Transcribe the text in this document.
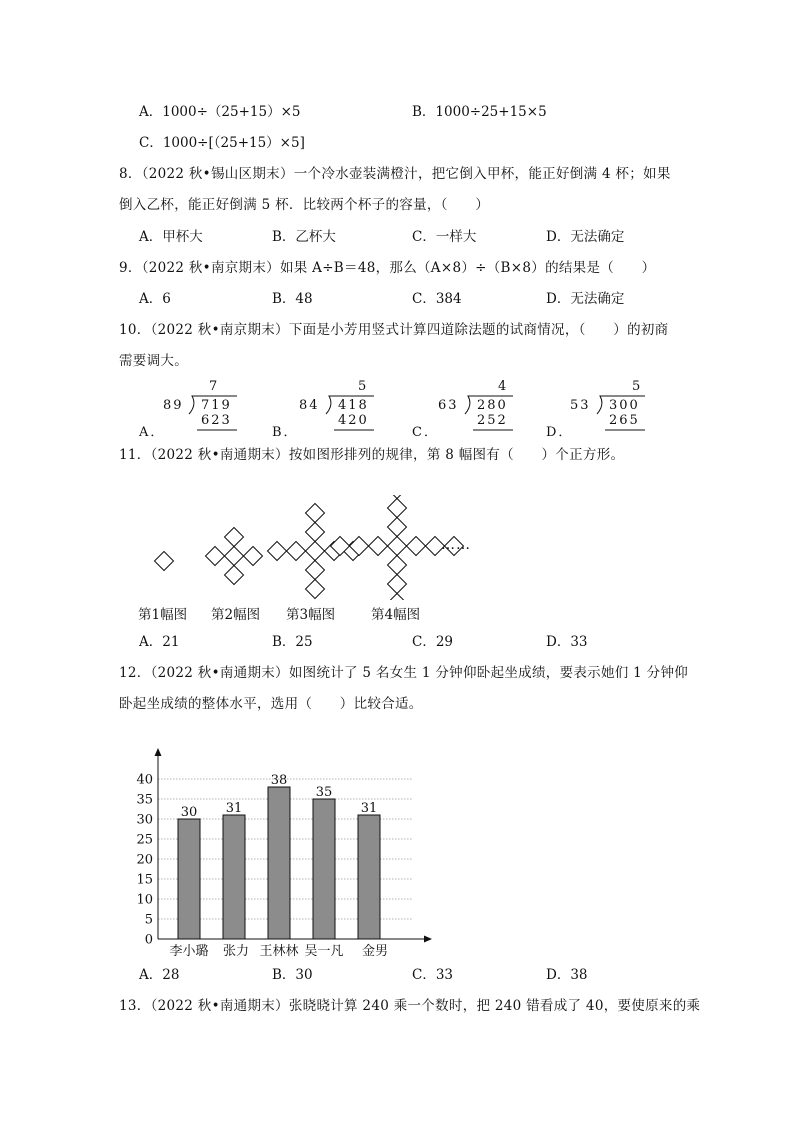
A．1000÷（25+15）×5	B．1000÷25+15×5
C．1000÷[（25+15）×5]
8．（2022 秋•锡山区期末）一个冷水壶装满橙汁，把它倒入甲杯，能正好倒满 4 杯；如果
倒入乙杯，能正好倒满 5 杯．比较两个杯子的容量，（　　）
A．甲杯大	B．乙杯大	C．一样大	D．无法确定
9．（2022 秋•南京期末）如果 A÷B＝48，那么（A×8）÷（B×8）的结果是（　　）
A．6	B．48	C．384	D．无法确定
10．（2022 秋•南京期末）下面是小芳用竖式计算四道除法题的试商情况，（　　）的初商
需要调大。
A．
7
89 719
623
B．
5
84 418
420
C．
4
63 280
252
D．
5
53 300
265
11．（2022 秋•南通期末）按如图形排列的规律，第 8 幅图有（　　）个正方形。
……
第1幅图 第2幅图 第3幅图	第4幅图
A．21	B．25	C．29	D．33
12．（2022 秋•南通期末）如图统计了 5 名女生 1 分钟仰卧起坐成绩，要表示她们 1 分钟仰
卧起坐成绩的整体水平，选用（　　）比较合适。
0
5
10
15
20
25
30
35
40
30
李小璐
31
张力
38
王林林
35
吴一凡
31
金男
A．28	B．30	C．33	D．38
13．（2022 秋•南通期末）张晓晓计算 240 乘一个数时，把 240 错看成了 40，要使原来的乘
